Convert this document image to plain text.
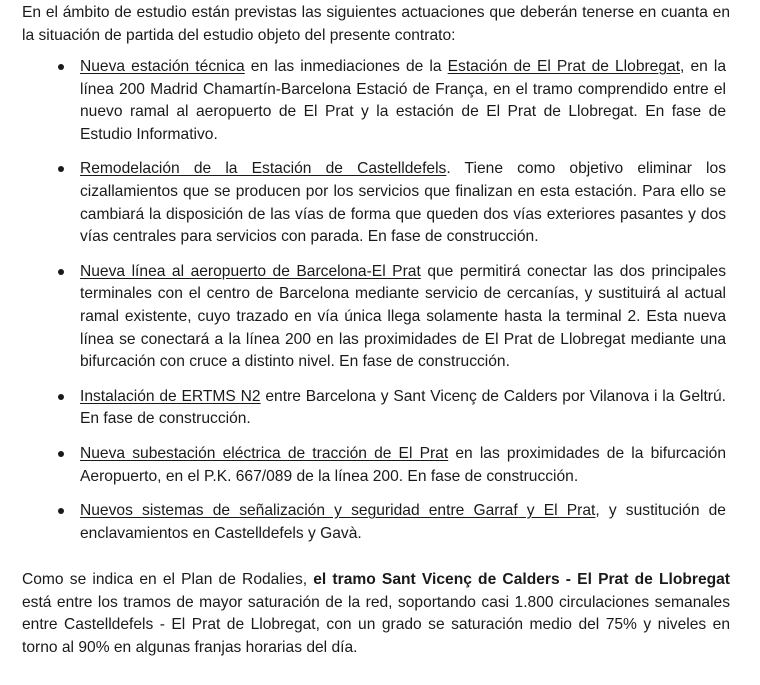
En el ámbito de estudio están previstas las siguientes actuaciones que deberán tenerse en cuanta en la situación de partida del estudio objeto del presente contrato:

Nueva estación técnica en las inmediaciones de la Estación de El Prat de Llobregat, en la línea 200 Madrid Chamartín-Barcelona Estació de França, en el tramo comprendido entre el nuevo ramal al aeropuerto de El Prat y la estación de El Prat de Llobregat. En fase de Estudio Informativo.
Remodelación de la Estación de Castelldefels. Tiene como objetivo eliminar los cizallamientos que se producen por los servicios que finalizan en esta estación. Para ello se cambiará la disposición de las vías de forma que queden dos vías exteriores pasantes y dos vías centrales para servicios con parada. En fase de construcción.
Nueva línea al aeropuerto de Barcelona-El Prat que permitirá conectar las dos principales terminales con el centro de Barcelona mediante servicio de cercanías, y sustituirá al actual ramal existente, cuyo trazado en vía única llega solamente hasta la terminal 2. Esta nueva línea se conectará a la línea 200 en las proximidades de El Prat de Llobregat mediante una bifurcación con cruce a distinto nivel. En fase de construcción.
Instalación de ERTMS N2 entre Barcelona y Sant Vicenç de Calders por Vilanova i la Geltrú. En fase de construcción.
Nueva subestación eléctrica de tracción de El Prat en las proximidades de la bifurcación Aeropuerto, en el P.K. 667/089 de la línea 200. En fase de construcción.
Nuevos sistemas de señalización y seguridad entre Garraf y El Prat, y sustitución de enclavamientos en Castelldefels y Gavà.

Como se indica en el Plan de Rodalies, el tramo Sant Vicenç de Calders - El Prat de Llobregat está entre los tramos de mayor saturación de la red, soportando casi 1.800 circulaciones semanales entre Castelldefels - El Prat de Llobregat, con un grado se saturación medio del 75% y niveles en torno al 90% en algunas franjas horarias del día.
